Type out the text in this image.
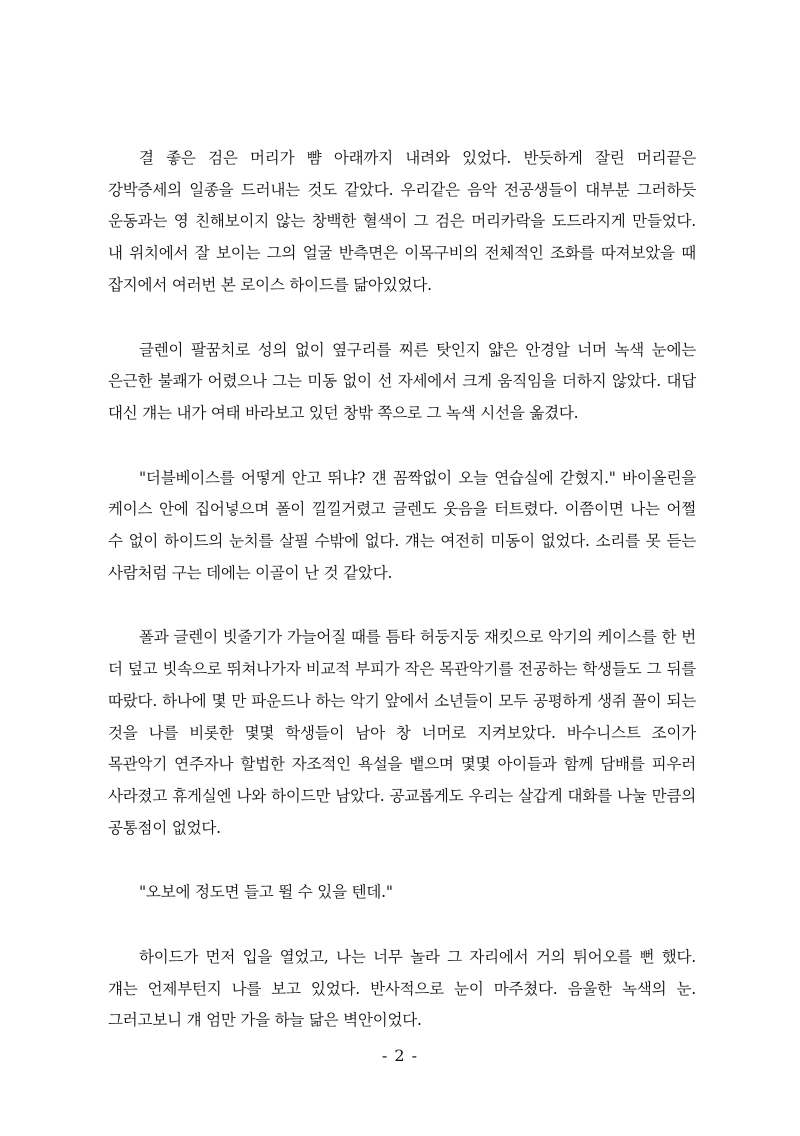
결 좋은 검은 머리가 뺨 아래까지 내려와 있었다. 반듯하게 잘린 머리끝은 강박증세의 일종을 드러내는 것도 같았다. 우리같은 음악 전공생들이 대부분 그러하듯 운동과는 영 친해보이지 않는 창백한 혈색이 그 검은 머리카락을 도드라지게 만들었다. 내 위치에서 잘 보이는 그의 얼굴 반측면은 이목구비의 전체적인 조화를 따져보았을 때 잡지에서 여러번 본 로이스 하이드를 닮아있었다.

글렌이 팔꿈치로 성의 없이 옆구리를 찌른 탓인지 얇은 안경알 너머 녹색 눈에는 은근한 불쾌가 어렸으나 그는 미동 없이 선 자세에서 크게 움직임을 더하지 않았다. 대답 대신 걔는 내가 여태 바라보고 있던 창밖 쪽으로 그 녹색 시선을 옮겼다.

"더블베이스를 어떻게 안고 뛰냐? 걘 꼼짝없이 오늘 연습실에 갇혔지." 바이올린을 케이스 안에 집어넣으며 폴이 낄낄거렸고 글렌도 웃음을 터트렸다. 이쯤이면 나는 어쩔 수 없이 하이드의 눈치를 살필 수밖에 없다. 걔는 여전히 미동이 없었다. 소리를 못 듣는 사람처럼 구는 데에는 이골이 난 것 같았다.

폴과 글렌이 빗줄기가 가늘어질 때를 틈타 허둥지둥 재킷으로 악기의 케이스를 한 번 더 덮고 빗속으로 뛰쳐나가자 비교적 부피가 작은 목관악기를 전공하는 학생들도 그 뒤를 따랐다. 하나에 몇 만 파운드나 하는 악기 앞에서 소년들이 모두 공평하게 생쥐 꼴이 되는 것을 나를 비롯한 몇몇 학생들이 남아 창 너머로 지켜보았다. 바수니스트 조이가 목관악기 연주자나 할법한 자조적인 욕설을 뱉으며 몇몇 아이들과 함께 담배를 피우러 사라졌고 휴게실엔 나와 하이드만 남았다. 공교롭게도 우리는 살갑게 대화를 나눌 만큼의 공통점이 없었다.

"오보에 정도면 들고 뛸 수 있을 텐데."

하이드가 먼저 입을 열었고, 나는 너무 놀라 그 자리에서 거의 튀어오를 뻔 했다. 걔는 언제부턴지 나를 보고 있었다. 반사적으로 눈이 마주쳤다. 음울한 녹색의 눈. 그러고보니 걔 엄만 가을 하늘 닮은 벽안이었다.

- 2 -
